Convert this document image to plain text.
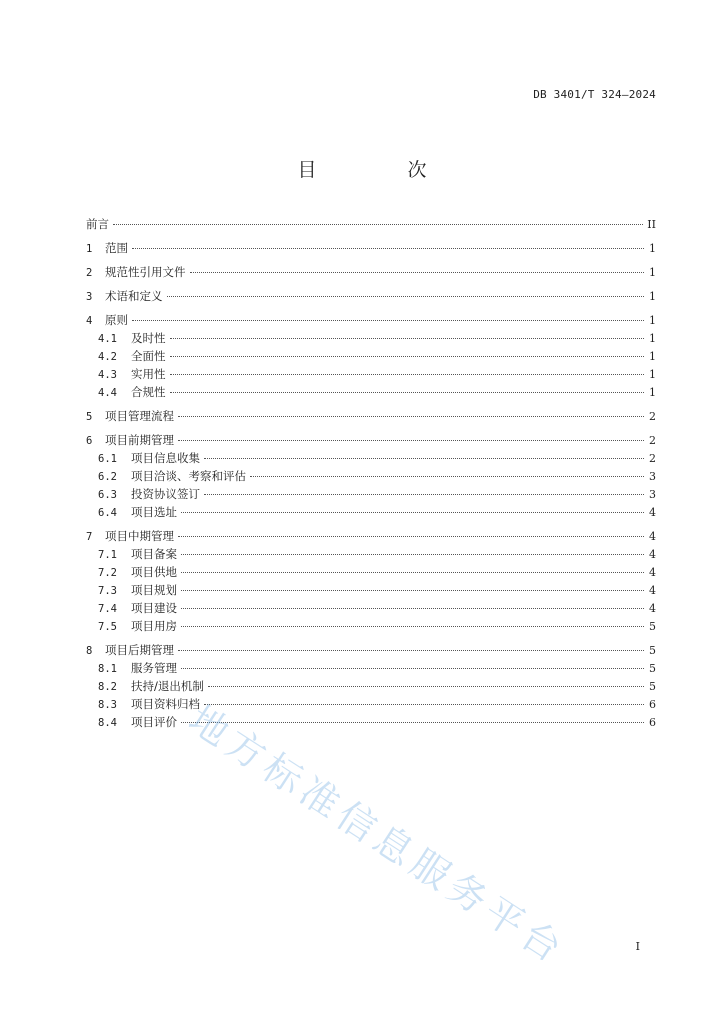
DB 3401/T 324—2024
目　次
前言	II
1	范围	1
2	规范性引用文件	1
3	术语和定义	1
4	原则	1
4.1	及时性	1
4.2	全面性	1
4.3	实用性	1
4.4	合规性	1
5	项目管理流程	2
6	项目前期管理	2
6.1	项目信息收集	2
6.2	项目洽谈、考察和评估	3
6.3	投资协议签订	3
6.4	项目选址	4
7	项目中期管理	4
7.1	项目备案	4
7.2	项目供地	4
7.3	项目规划	4
7.4	项目建设	4
7.5	项目用房	5
8	项目后期管理	5
8.1	服务管理	5
8.2	扶持/退出机制	5
8.3	项目资料归档	6
8.4	项目评价	6
地方标准信息服务平台	I
